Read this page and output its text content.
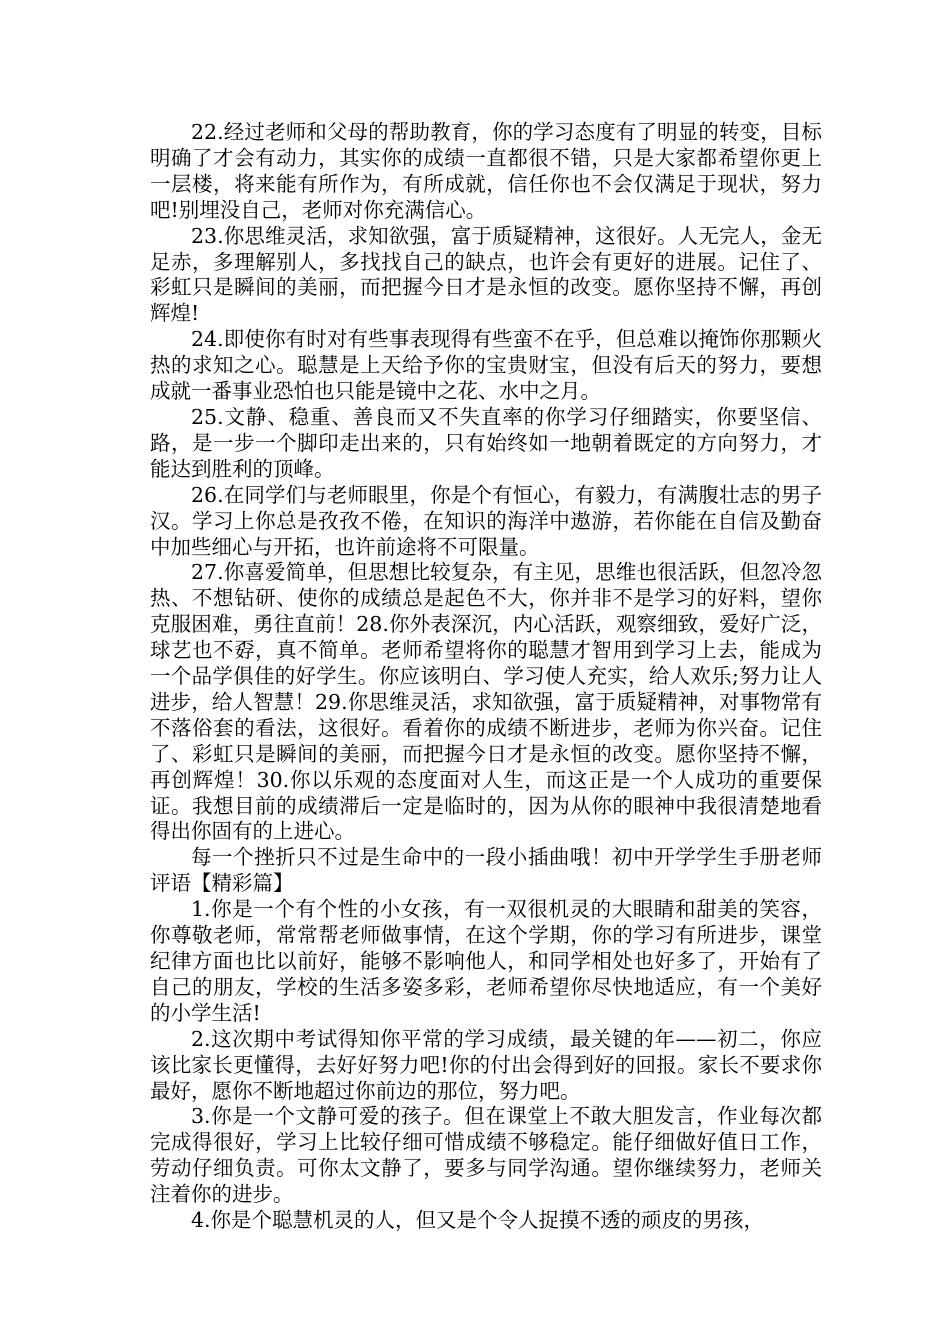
22.经过老师和父母的帮助教育，你的学习态度有了明显的转变，目标明确了才会有动力，其实你的成绩一直都很不错，只是大家都希望你更上一层楼，将来能有所作为，有所成就，信任你也不会仅满足于现状，努力吧!别埋没自己，老师对你充满信心。

23.你思维灵活，求知欲强，富于质疑精神，这很好。人无完人，金无足赤，多理解别人，多找找自己的缺点，也许会有更好的进展。记住了、彩虹只是瞬间的美丽，而把握今日才是永恒的改变。愿你坚持不懈，再创辉煌!

24.即使你有时对有些事表现得有些蛮不在乎，但总难以掩饰你那颗火热的求知之心。聪慧是上天给予你的宝贵财宝，但没有后天的努力，要想成就一番事业恐怕也只能是镜中之花、水中之月。

25.文静、稳重、善良而又不失直率的你学习仔细踏实，你要坚信、路，是一步一个脚印走出来的，只有始终如一地朝着既定的方向努力，才能达到胜利的顶峰。

26.在同学们与老师眼里，你是个有恒心，有毅力，有满腹壮志的男子汉。学习上你总是孜孜不倦，在知识的海洋中遨游，若你能在自信及勤奋中加些细心与开拓，也许前途将不可限量。

27.你喜爱简单，但思想比较复杂，有主见，思维也很活跃，但忽冷忽热、不想钻研、使你的成绩总是起色不大，你并非不是学习的好料，望你克服困难，勇往直前！28.你外表深沉，内心活跃，观察细致，爱好广泛，球艺也不孬，真不简单。老师希望将你的聪慧才智用到学习上去，能成为一个品学俱佳的好学生。你应该明白、学习使人充实，给人欢乐;努力让人进步，给人智慧！29.你思维灵活，求知欲强，富于质疑精神，对事物常有不落俗套的看法，这很好。看着你的成绩不断进步，老师为你兴奋。记住了、彩虹只是瞬间的美丽，而把握今日才是永恒的改变。愿你坚持不懈，再创辉煌！30.你以乐观的态度面对人生，而这正是一个人成功的重要保证。我想目前的成绩滞后一定是临时的，因为从你的眼神中我很清楚地看得出你固有的上进心。

每一个挫折只不过是生命中的一段小插曲哦！初中开学学生手册老师评语【精彩篇】

1.你是一个有个性的小女孩，有一双很机灵的大眼睛和甜美的笑容，你尊敬老师，常常帮老师做事情，在这个学期，你的学习有所进步，课堂纪律方面也比以前好，能够不影响他人，和同学相处也好多了，开始有了自己的朋友，学校的生活多姿多彩，老师希望你尽快地适应，有一个美好的小学生活!

2.这次期中考试得知你平常的学习成绩，最关键的年——初二，你应该比家长更懂得，去好好努力吧!你的付出会得到好的回报。家长不要求你最好，愿你不断地超过你前边的那位，努力吧。

3.你是一个文静可爱的孩子。但在课堂上不敢大胆发言，作业每次都完成得很好，学习上比较仔细可惜成绩不够稳定。能仔细做好值日工作，劳动仔细负责。可你太文静了，要多与同学沟通。望你继续努力，老师关注着你的进步。

4.你是个聪慧机灵的人，但又是个令人捉摸不透的顽皮的男孩，
